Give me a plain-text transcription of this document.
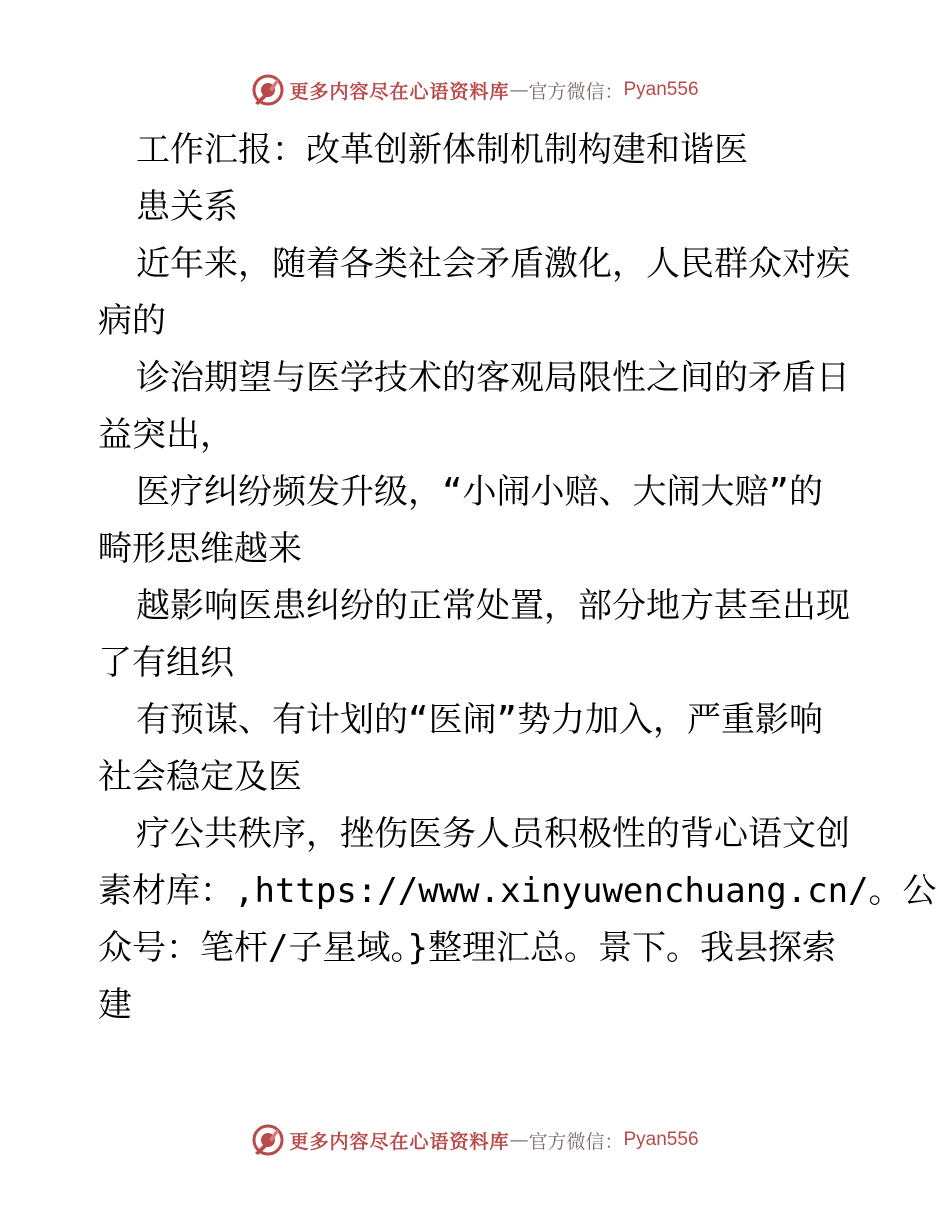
更多内容尽在心语资料库 — 官方微信： Pyan556
工作汇报：改革创新体制机制构建和谐医
患关系
近年来，随着各类社会矛盾激化，人民群众对疾
病的
诊治期望与医学技术的客观局限性之间的矛盾日
益突出，
医疗纠纷频发升级，“小闹小赔、大闹大赔”的
畸形思维越来
越影响医患纠纷的正常处置，部分地方甚至出现
了有组织
有预谋、有计划的“医闹”势力加入，严重影响
社会稳定及医
疗公共秩序，挫伤医务人员积极性的背心语文创
素材库：,https://www.xinyuwenchuang.cn/。公
众号：笔杆/子星域。}整理汇总。景下。我县探索
建
更多内容尽在心语资料库 — 官方微信： Pyan556
